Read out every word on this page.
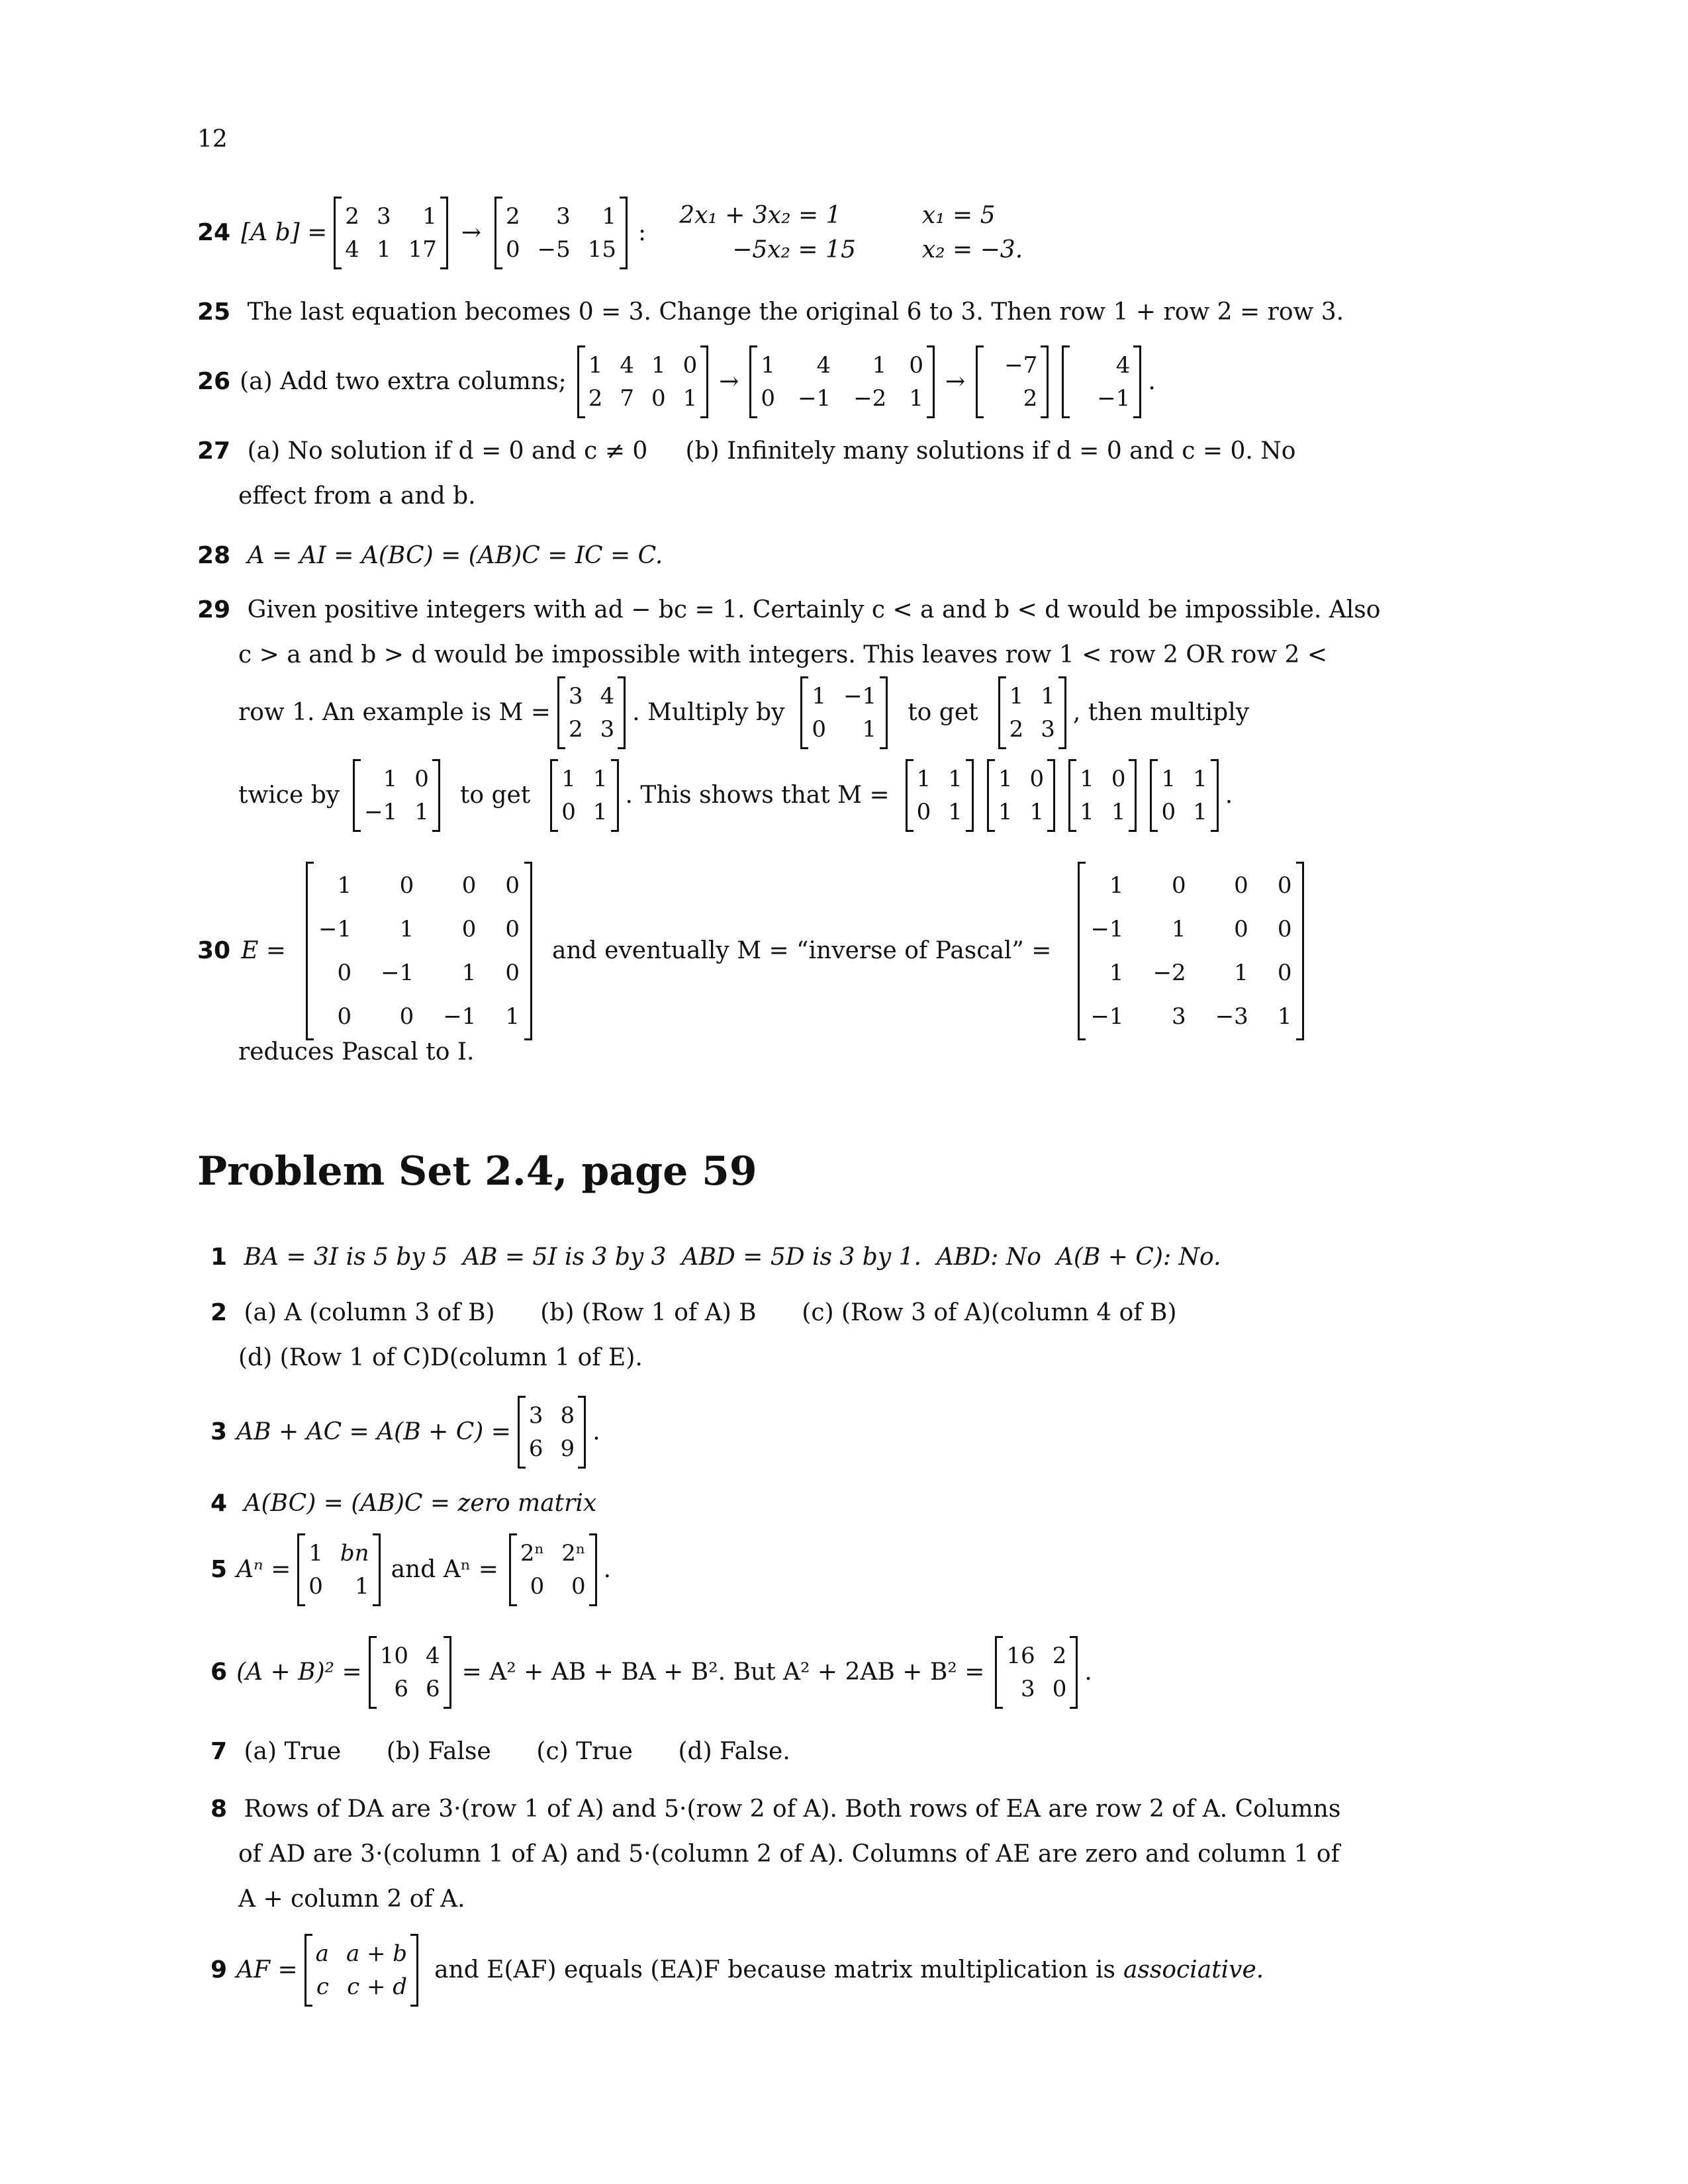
12
24 [A b] =
2 3	1
4 1 17
→
2	3	1
0 −5 15
:
2x₁ + 3x₂ = 1	x₁ = 5
−5x₂ = 15	x₂ = −3.
25 The last equation becomes 0 = 3. Change the original 6 to 3. Then row 1 + row 2 = row 3.
26 (a) Add two extra columns;
1 4 1 0
2 7 0 1
→
1	4	1 0
0 −1 −2 1
→
−7
2
4
−1
.
27 (a) No solution if d = 0 and c ≠ 0     (b) Infinitely many solutions if d = 0 and c = 0. No
effect from a and b.
28 A = AI = A(BC) = (AB)C = IC = C.
29 Given positive integers with ad − bc = 1. Certainly c < a and b < d would be impossible. Also
c > a and b > d would be impossible with integers. This leaves row 1 < row 2 OR row 2 <
row 1. An example is M =
3 4
2 3
. Multiply by
1 −1
0	1
to get
1 1
2 3
, then multiply
twice by
1 0
−1 1
to get
1 1
0 1
. This shows that M =
1 1
0 1
1 0
1 1
1 0
1 1
1 1
0 1
.
30 E =
1	0	0 0
−1	1	0 0
0 −1	1 0
0	0 −1 1
and eventually M = “inverse of Pascal” =
1	0	0 0
−1	1	0 0
1 −2	1 0
−1	3 −3 1
reduces Pascal to I.
Problem Set 2.4, page 59
1 BA = 3I is 5 by 5  AB = 5I is 3 by 3  ABD = 5D is 3 by 1.  ABD: No  A(B + C): No.
2 (a) A (column 3 of B)      (b) (Row 1 of A) B      (c) (Row 3 of A)(column 4 of B)
(d) (Row 1 of C)D(column 1 of E).
3 AB + AC = A(B + C) =
3 8
6 9
.
4 A(BC) = (AB)C = zero matrix
5 Aⁿ =
1 bn
0	1
and Aⁿ =
2ⁿ 2ⁿ
0	0
.
6 (A + B)² =
10 4
6 6
= A² + AB + BA + B². But A² + 2AB + B² =
16 2
3 0
.
7 (a) True      (b) False      (c) True      (d) False.
8 Rows of DA are 3·(row 1 of A) and 5·(row 2 of A). Both rows of EA are row 2 of A. Columns
of AD are 3·(column 1 of A) and 5·(column 2 of A). Columns of AE are zero and column 1 of
A + column 2 of A.
9 AF =
a a + b
c c + d
and E(AF) equals (EA)F because matrix multiplication is associative.
